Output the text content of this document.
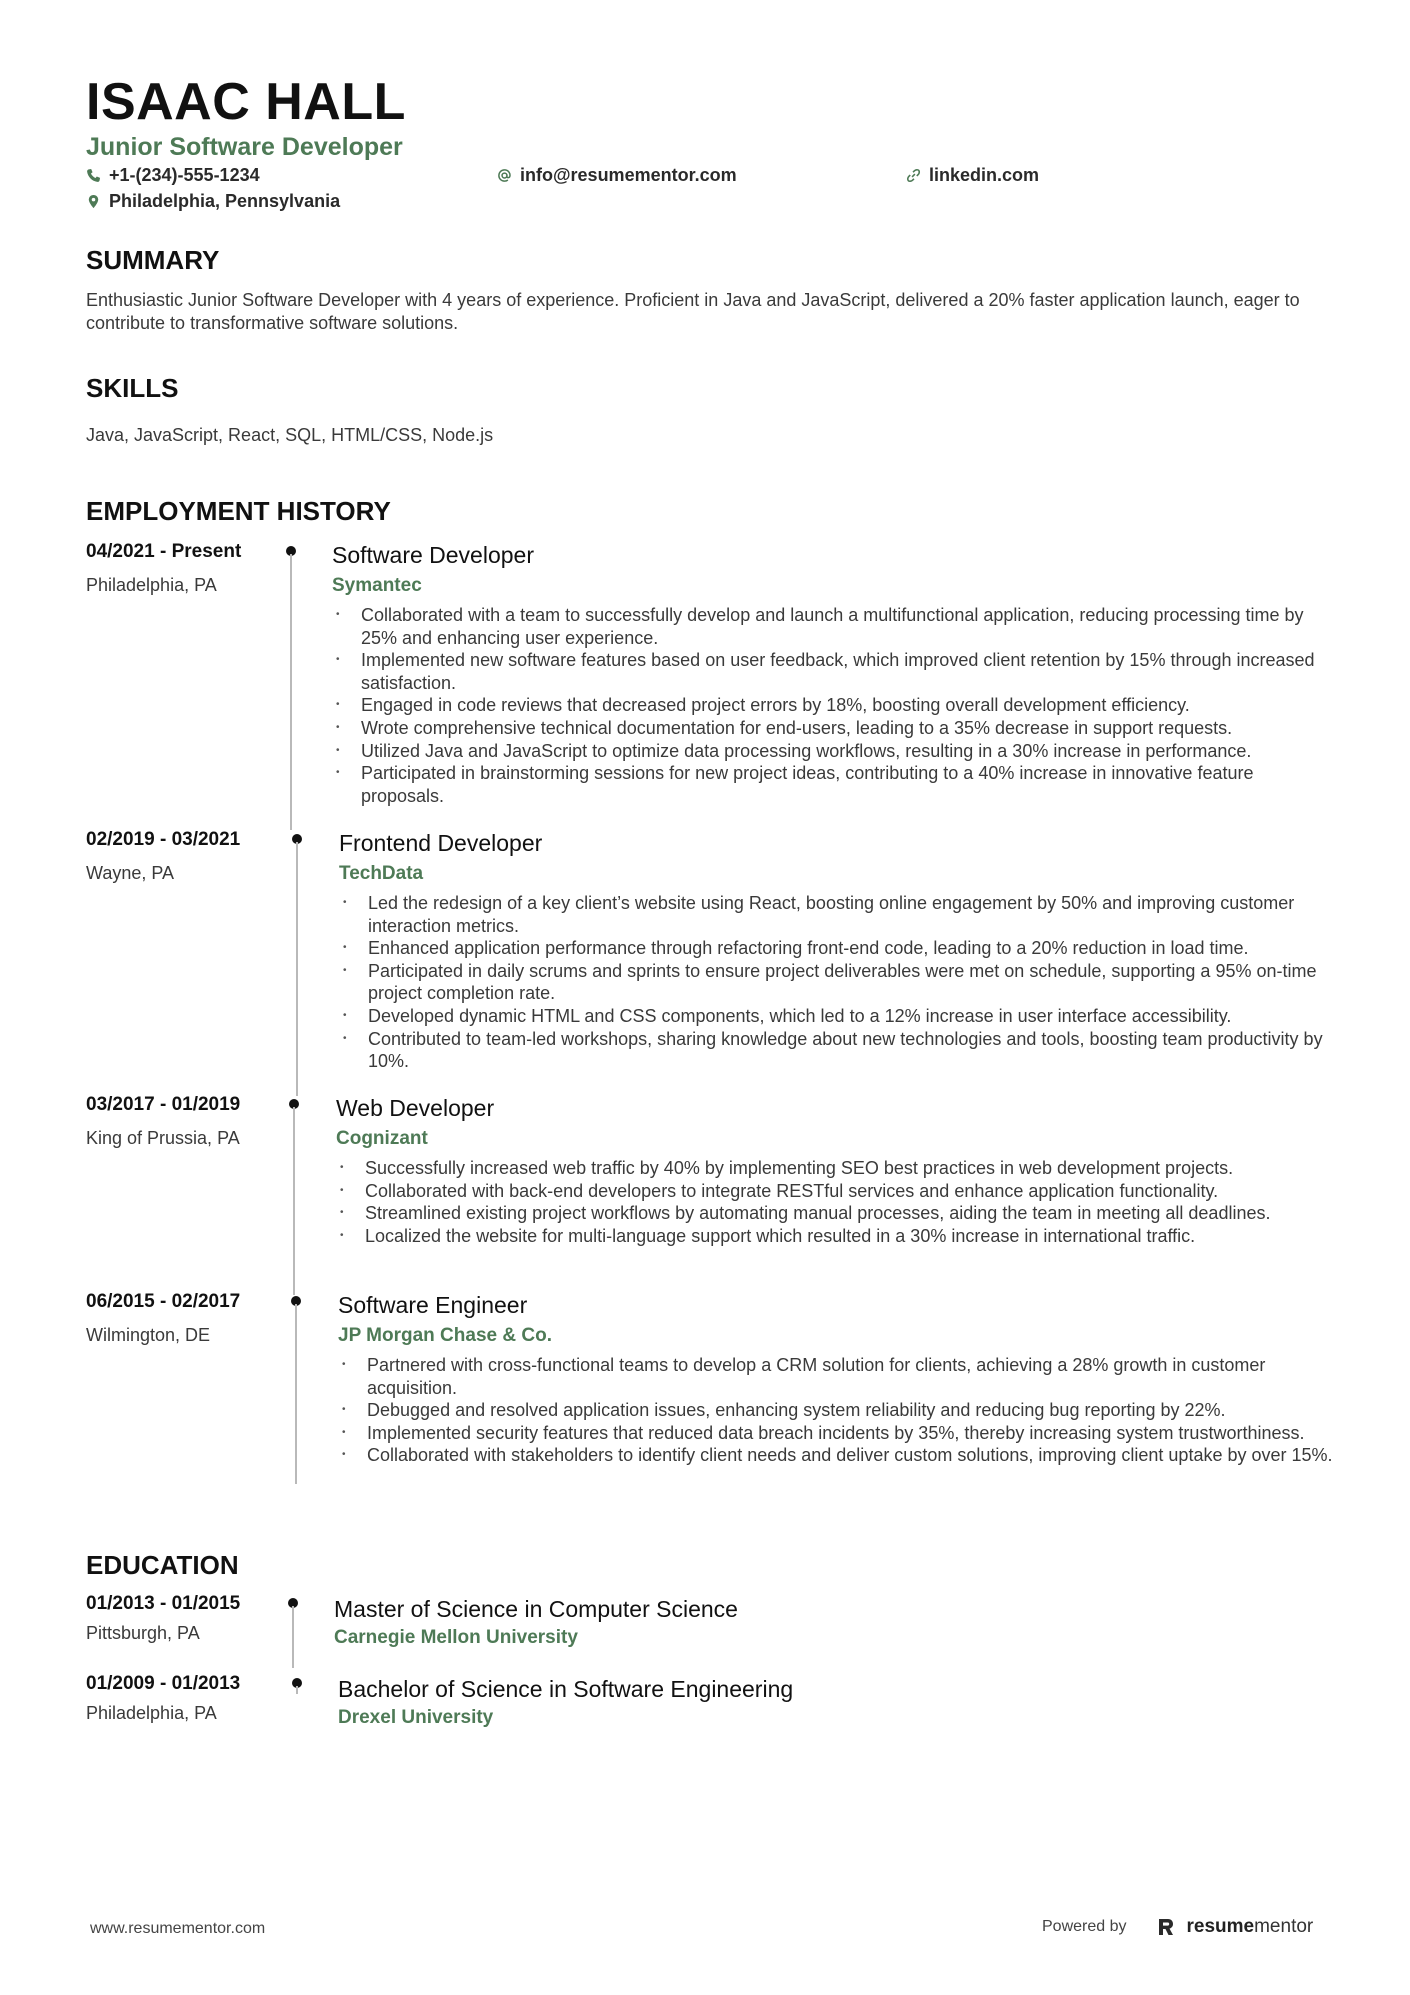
ISAAC HALL
Junior Software Developer
+1-(234)-555-1234	info@resumementor.com	linkedin.com
Philadelphia, Pennsylvania
SUMMARY

Enthusiastic Junior Software Developer with 4 years of experience. Proficient in Java and JavaScript, delivered a 20% faster application launch, eager to contribute to transformative software solutions.

SKILLS

Java, JavaScript, React, SQL, HTML/CSS, Node.js

EMPLOYMENT HISTORY
04/2021 - Present
Philadelphia, PA
Software Developer
Symantec
• Collaborated with a team to successfully develop and launch a multifunctional application, reducing processing time by 25% and enhancing user experience.
• Implemented new software features based on user feedback, which improved client retention by 15% through increased satisfaction.
• Engaged in code reviews that decreased project errors by 18%, boosting overall development efficiency.
• Wrote comprehensive technical documentation for end-users, leading to a 35% decrease in support requests.
• Utilized Java and JavaScript to optimize data processing workflows, resulting in a 30% increase in performance.
• Participated in brainstorming sessions for new project ideas, contributing to a 40% increase in innovative feature proposals.
02/2019 - 03/2021
Wayne, PA
Frontend Developer
TechData
• Led the redesign of a key client’s website using React, boosting online engagement by 50% and improving customer interaction metrics.
• Enhanced application performance through refactoring front-end code, leading to a 20% reduction in load time.
• Participated in daily scrums and sprints to ensure project deliverables were met on schedule, supporting a 95% on-time project completion rate.
• Developed dynamic HTML and CSS components, which led to a 12% increase in user interface accessibility.
• Contributed to team-led workshops, sharing knowledge about new technologies and tools, boosting team productivity by 10%.
03/2017 - 01/2019
King of Prussia, PA
Web Developer
Cognizant
• Successfully increased web traffic by 40% by implementing SEO best practices in web development projects.
• Collaborated with back-end developers to integrate RESTful services and enhance application functionality.
• Streamlined existing project workflows by automating manual processes, aiding the team in meeting all deadlines.
• Localized the website for multi-language support which resulted in a 30% increase in international traffic.
06/2015 - 02/2017
Wilmington, DE
Software Engineer
JP Morgan Chase & Co.
• Partnered with cross-functional teams to develop a CRM solution for clients, achieving a 28% growth in customer acquisition.
• Debugged and resolved application issues, enhancing system reliability and reducing bug reporting by 22%.
• Implemented security features that reduced data breach incidents by 35%, thereby increasing system trustworthiness.
• Collaborated with stakeholders to identify client needs and deliver custom solutions, improving client uptake by over 15%.
EDUCATION
01/2013 - 01/2015
Pittsburgh, PA
Master of Science in Computer Science
Carnegie Mellon University
01/2009 - 01/2013
Philadelphia, PA
Bachelor of Science in Software Engineering
Drexel University
www.resumementor.com	Powered by	resumementor
